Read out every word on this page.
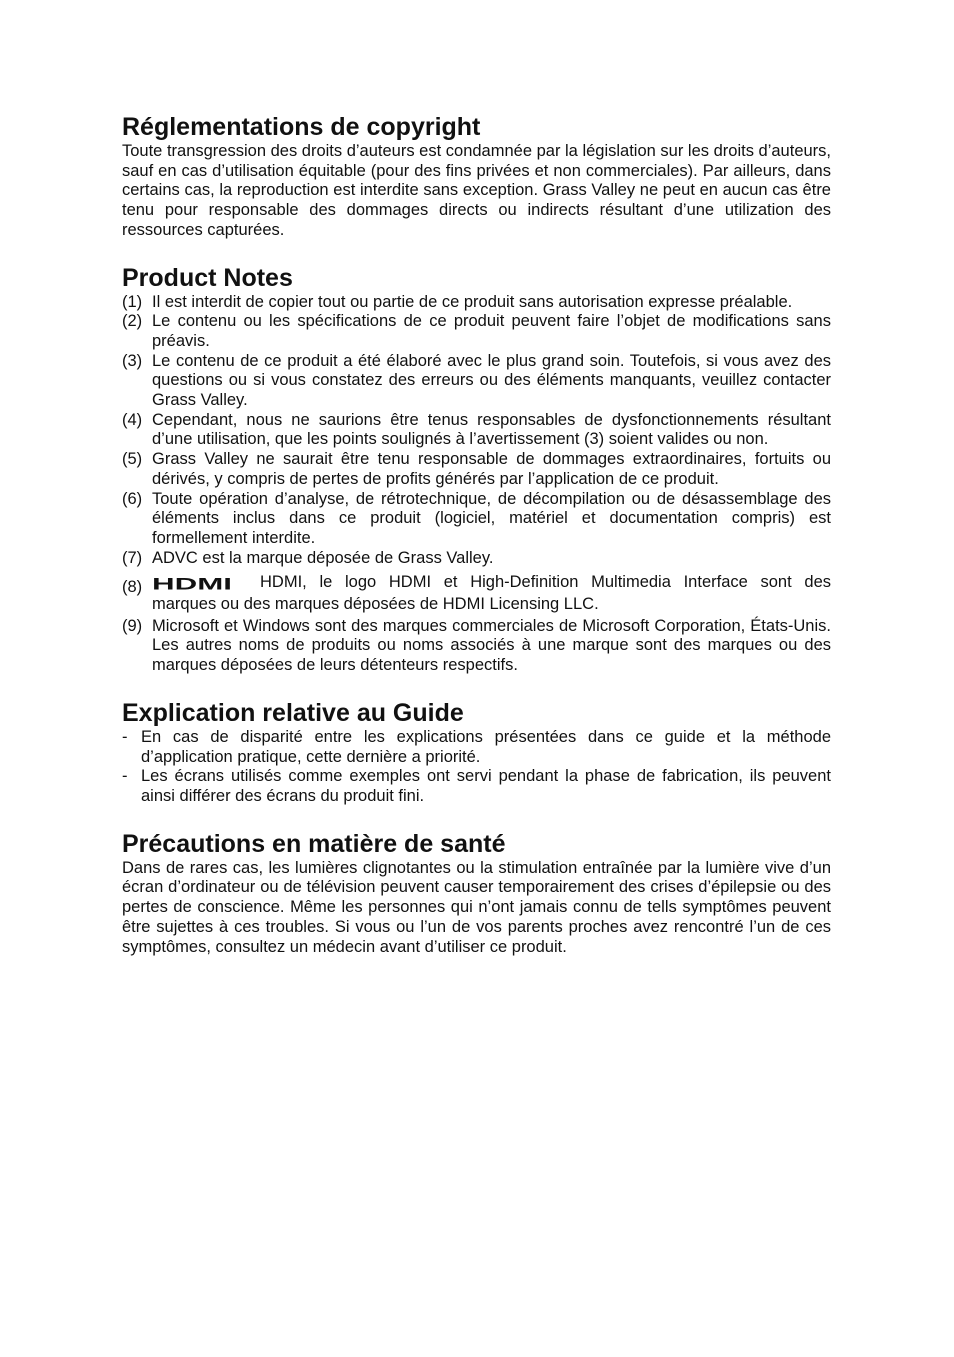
Réglementations de copyright

Toute transgression des droits d’auteurs est condamnée par la législation sur les droits d’auteurs, sauf en cas d’utilisation équitable (pour des fins privées et non commerciales). Par ailleurs, dans certains cas, la reproduction est interdite sans exception. Grass Valley ne peut en aucun cas être tenu pour responsable des dommages directs ou indirects résultant d’une utilization des ressources capturées.

Product Notes
(1) Il est interdit de copier tout ou partie de ce produit sans autorisation expresse préalable.
(2) Le contenu ou les spécifications de ce produit peuvent faire l’objet de modifications sans préavis.
(3) Le contenu de ce produit a été élaboré avec le plus grand soin. Toutefois, si vous avez des questions ou si vous constatez des erreurs ou des éléments manquants, veuillez contacter Grass Valley.
(4) Cependant, nous ne saurions être tenus responsables de dysfonctionnements résultant d’une utilisation, que les points soulignés à l’avertissement (3) soient valides ou non.
(5) Grass Valley ne saurait être tenu responsable de dommages extraordinaires, fortuits ou dérivés, y compris de pertes de profits générés par l’application de ce produit.
(6) Toute opération d’analyse, de rétrotechnique, de décompilation ou de désassemblage des éléments inclus dans ce produit (logiciel, matériel et documentation compris) est formellement interdite.
(7) ADVC est la marque déposée de Grass Valley.
(8) HDMI HDMI, le logo HDMI et High-Definition Multimedia Interface sont des
marques ou des marques déposées de HDMI Licensing LLC.
(9) Microsoft et Windows sont des marques commerciales de Microsoft Corporation, États-Unis. Les autres noms de produits ou noms associés à une marque sont des marques ou des marques déposées de leurs détenteurs respectifs.
Explication relative au Guide
- En cas de disparité entre les explications présentées dans ce guide et la méthode d’application pratique, cette dernière a priorité.
- Les écrans utilisés comme exemples ont servi pendant la phase de fabrication, ils peuvent ainsi différer des écrans du produit fini.
Précautions en matière de santé

Dans de rares cas, les lumières clignotantes ou la stimulation entraînée par la lumière vive d’un écran d’ordinateur ou de télévision peuvent causer temporairement des crises d’épilepsie ou des pertes de conscience. Même les personnes qui n’ont jamais connu de tells symptômes peuvent être sujettes à ces troubles. Si vous ou l’un de vos parents proches avez rencontré l’un de ces symptômes, consultez un médecin avant d’utiliser ce produit.
